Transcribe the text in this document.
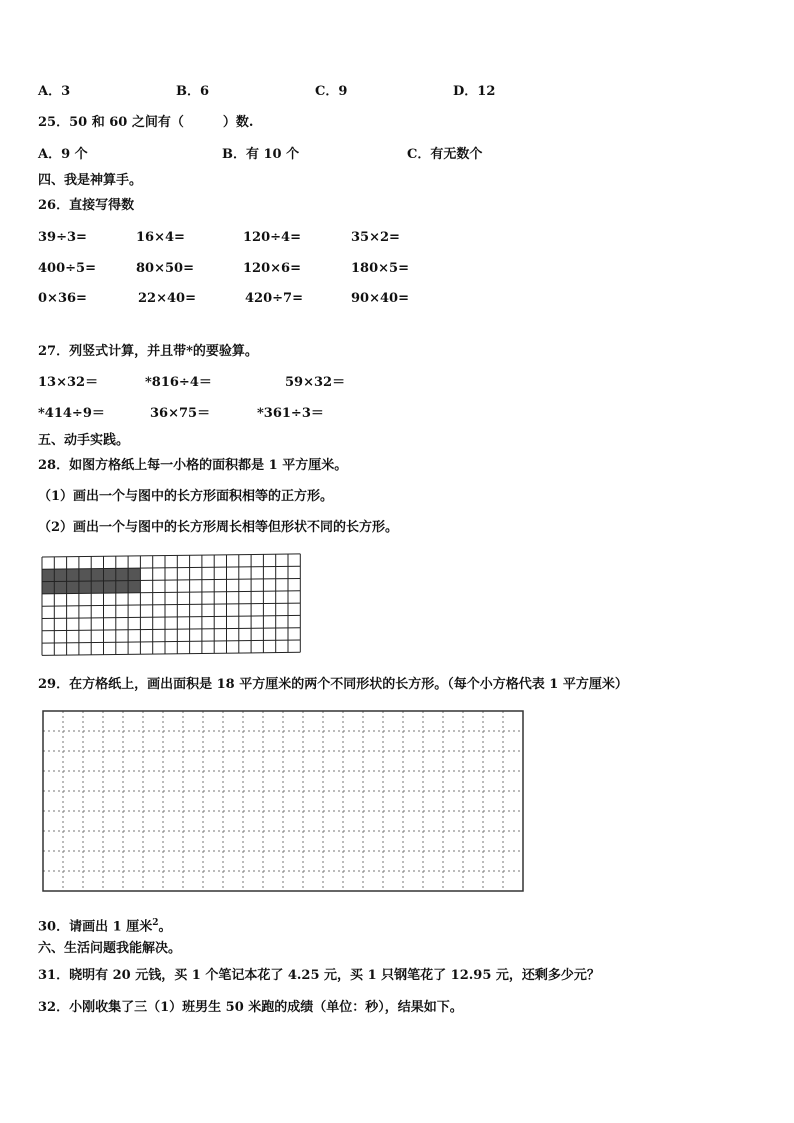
A．3	B．6	C．9	D．12
25．50 和 60 之间有（　　　）数.
A．9 个	B．有 10 个	C．有无数个
四、我是神算手。
26．直接写得数
39÷3=	16×4=	120÷4=	35×2=
400÷5=	80×50=	120×6=	180×5=
0×36=	22×40=	420÷7=	90×40=
27．列竖式计算，并且带*的要验算。
13×32＝	*816÷4＝	59×32＝
*414÷9＝	36×75＝	*361÷3＝
五、动手实践。
28．如图方格纸上每一小格的面积都是 1 平方厘米。
（1）画出一个与图中的长方形面积相等的正方形。
（2）画出一个与图中的长方形周长相等但形状不同的长方形。
29．在方格纸上，画出面积是 18 平方厘米的两个不同形状的长方形。（每个小方格代表 1 平方厘米）
30．请画出 1 厘米$^2$。
六、生活问题我能解决。
31．晓明有 20 元钱，买 1 个笔记本花了 4.25 元，买 1 只钢笔花了 12.95 元，还剩多少元？
32．小刚收集了三（1）班男生 50 米跑的成绩（单位：秒），结果如下。
